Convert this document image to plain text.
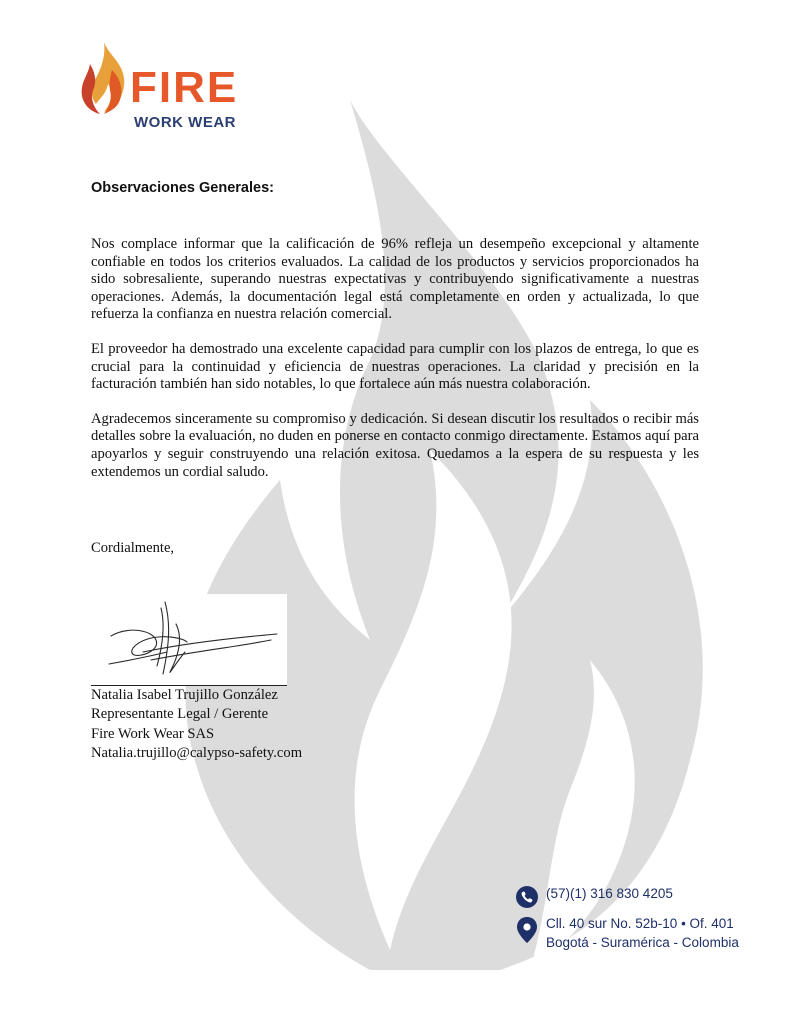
FIRE
WORK WEAR
Observaciones Generales:

Nos complace informar que la calificación de 96% refleja un desempeño excepcional y altamente confiable en todos los criterios evaluados. La calidad de los productos y servicios proporcionados ha sido sobresaliente, superando nuestras expectativas y contribuyendo significativamente a nuestras operaciones. Además, la documentación legal está completamente en orden y actualizada, lo que refuerza la confianza en nuestra relación comercial.

El proveedor ha demostrado una excelente capacidad para cumplir con los plazos de entrega, lo que es crucial para la continuidad y eficiencia de nuestras operaciones. La claridad y precisión en la facturación también han sido notables, lo que fortalece aún más nuestra colaboración.

Agradecemos sinceramente su compromiso y dedicación. Si desean discutir los resultados o recibir más detalles sobre la evaluación, no duden en ponerse en contacto conmigo directamente. Estamos aquí para apoyarlos y seguir construyendo una relación exitosa. Quedamos a la espera de su respuesta y les extendemos un cordial saludo.

Cordialmente,
Natalia Isabel Trujillo González
Representante Legal / Gerente
Fire Work Wear SAS
Natalia.trujillo@calypso-safety.com
(57)(1) 316 830 4205
Cll. 40 sur No. 52b-10 • Of. 401
Bogotá - Suramérica - Colombia
